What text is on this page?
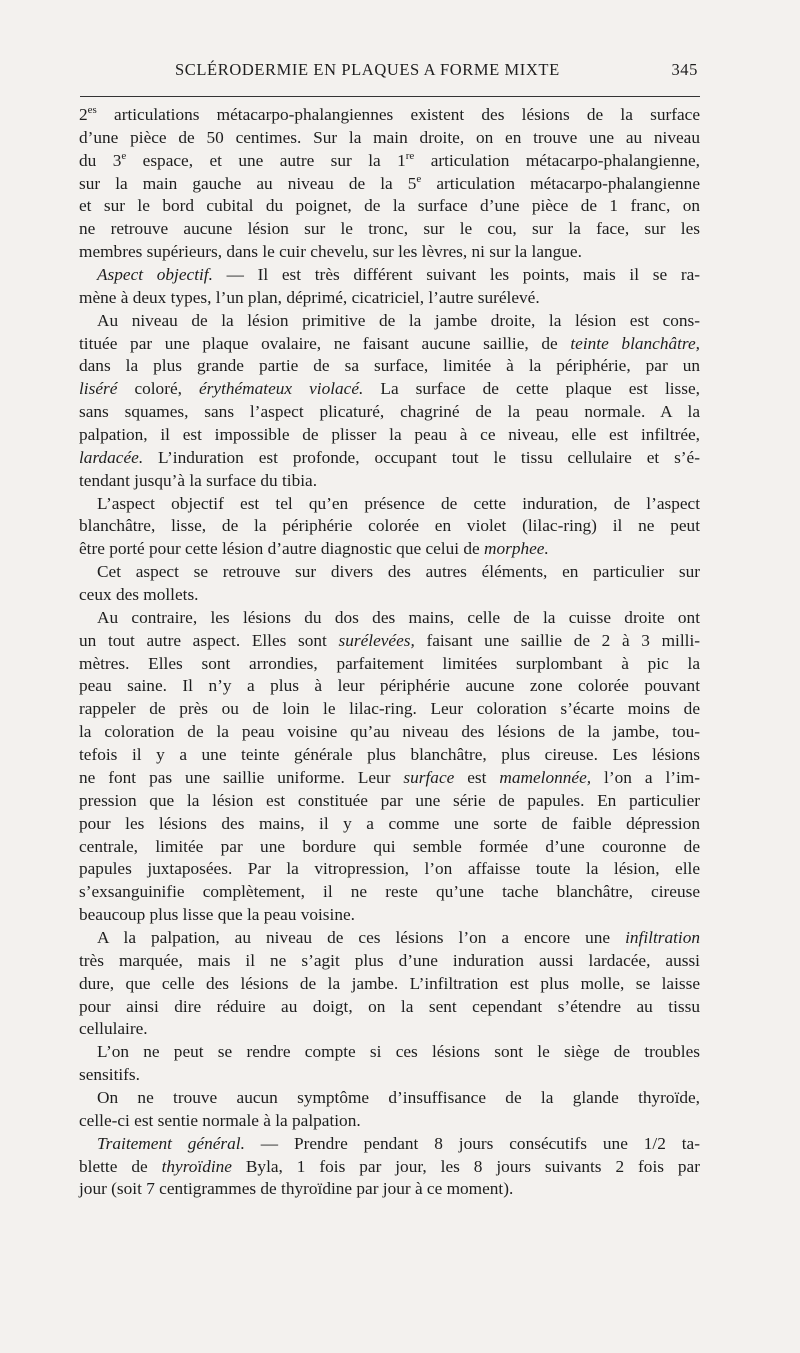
SCLÉRODERMIE EN PLAQUES A FORME MIXTE	345
$2^{es}$ articulations métacarpo-phalangiennes existent des lésions de la surface
d’une pièce de 50 centimes. Sur la main droite, on en trouve une au niveau
du 3e espace, et une autre sur la 1re articulation métacarpo-phalangienne,
sur la main gauche au niveau de la 5e articulation métacarpo-phalangienne
et sur le bord cubital du poignet, de la surface d’une pièce de 1 franc, on
ne retrouve aucune lésion sur le tronc, sur le cou, sur la face, sur les
membres supérieurs, dans le cuir chevelu, sur les lèvres, ni sur la langue.
Aspect objectif. — Il est très différent suivant les points, mais il se ra-
mène à deux types, l’un plan, déprimé, cicatriciel, l’autre surélevé.
Au niveau de la lésion primitive de la jambe droite, la lésion est cons-
tituée par une plaque ovalaire, ne faisant aucune saillie, de teinte blanchâtre,
dans la plus grande partie de sa surface, limitée à la périphérie, par un
liséré coloré, érythémateux violacé. La surface de cette plaque est lisse,
sans squames, sans l’aspect plicaturé, chagriné de la peau normale. A la
palpation, il est impossible de plisser la peau à ce niveau, elle est infiltrée,
lardacée. L’induration est profonde, occupant tout le tissu cellulaire et s’é-
tendant jusqu’à la surface du tibia.
L’aspect objectif est tel qu’en présence de cette induration, de l’aspect
blanchâtre, lisse, de la périphérie colorée en violet (lilac-ring) il ne peut
être porté pour cette lésion d’autre diagnostic que celui de morphee.
Cet aspect se retrouve sur divers des autres éléments, en particulier sur
ceux des mollets.
Au contraire, les lésions du dos des mains, celle de la cuisse droite ont
un tout autre aspect. Elles sont surélevées, faisant une saillie de 2 à 3 milli-
mètres. Elles sont arrondies, parfaitement limitées surplombant à pic la
peau saine. Il n’y a plus à leur périphérie aucune zone colorée pouvant
rappeler de près ou de loin le lilac-ring. Leur coloration s’écarte moins de
la coloration de la peau voisine qu’au niveau des lésions de la jambe, tou-
tefois il y a une teinte générale plus blanchâtre, plus cireuse. Les lésions
ne font pas une saillie uniforme. Leur surface est mamelonnée, l’on a l’im-
pression que la lésion est constituée par une série de papules. En particulier
pour les lésions des mains, il y a comme une sorte de faible dépression
centrale, limitée par une bordure qui semble formée d’une couronne de
papules juxtaposées. Par la vitropression, l’on affaisse toute la lésion, elle
s’exsanguinifie complètement, il ne reste qu’une tache blanchâtre, cireuse
beaucoup plus lisse que la peau voisine.
A la palpation, au niveau de ces lésions l’on a encore une infiltration
très marquée, mais il ne s’agit plus d’une induration aussi lardacée, aussi
dure, que celle des lésions de la jambe. L’infiltration est plus molle, se laisse
pour ainsi dire réduire au doigt, on la sent cependant s’étendre au tissu
cellulaire.
L’on ne peut se rendre compte si ces lésions sont le siège de troubles
sensitifs.
On ne trouve aucun symptôme d’insuffisance de la glande thyroïde,
celle-ci est sentie normale à la palpation.
Traitement général. — Prendre pendant 8 jours consécutifs une 1/2 ta-
blette de thyroïdine Byla, 1 fois par jour, les 8 jours suivants 2 fois par
jour (soit 7 centigrammes de thyroïdine par jour à ce moment).
